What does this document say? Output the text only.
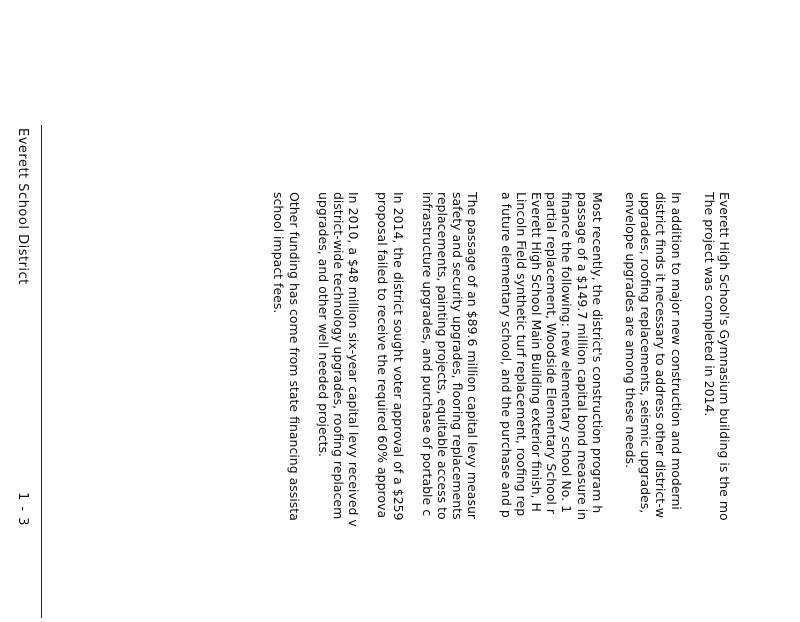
Everett High School's Gymnasium building is the mo
The project was completed in 2014.
In addition to major new construction and moderni
district finds it necessary to address other district-w
upgrades, roofing replacements, seismic upgrades,
envelope upgrades are among these needs.
Most recently, the district's construction program h
passage of a $149.7 million capital bond measure in
finance the following: new elementary school No. 1
partial replacement, Woodside Elementary School r
Everett High School Main Building exterior finish, H
Lincoln Field synthetic turf replacement, roofing rep
a future elementary school, and the purchase and p
The passage of an $89.6 million capital levy measur
safety and security upgrades, flooring replacements
replacements, painting projects, equitable access to
infrastructure upgrades, and purchase of portable c
In 2014, the district sought voter approval of a $259
proposal failed to receive the required 60% approva
In 2010, a $48 million six-year capital levy received v
district-wide technology upgrades, roofing replacem
upgrades, and other well needed projects.
Other funding has come from state financing assista
school impact fees.
Everett School District
1 - 3
